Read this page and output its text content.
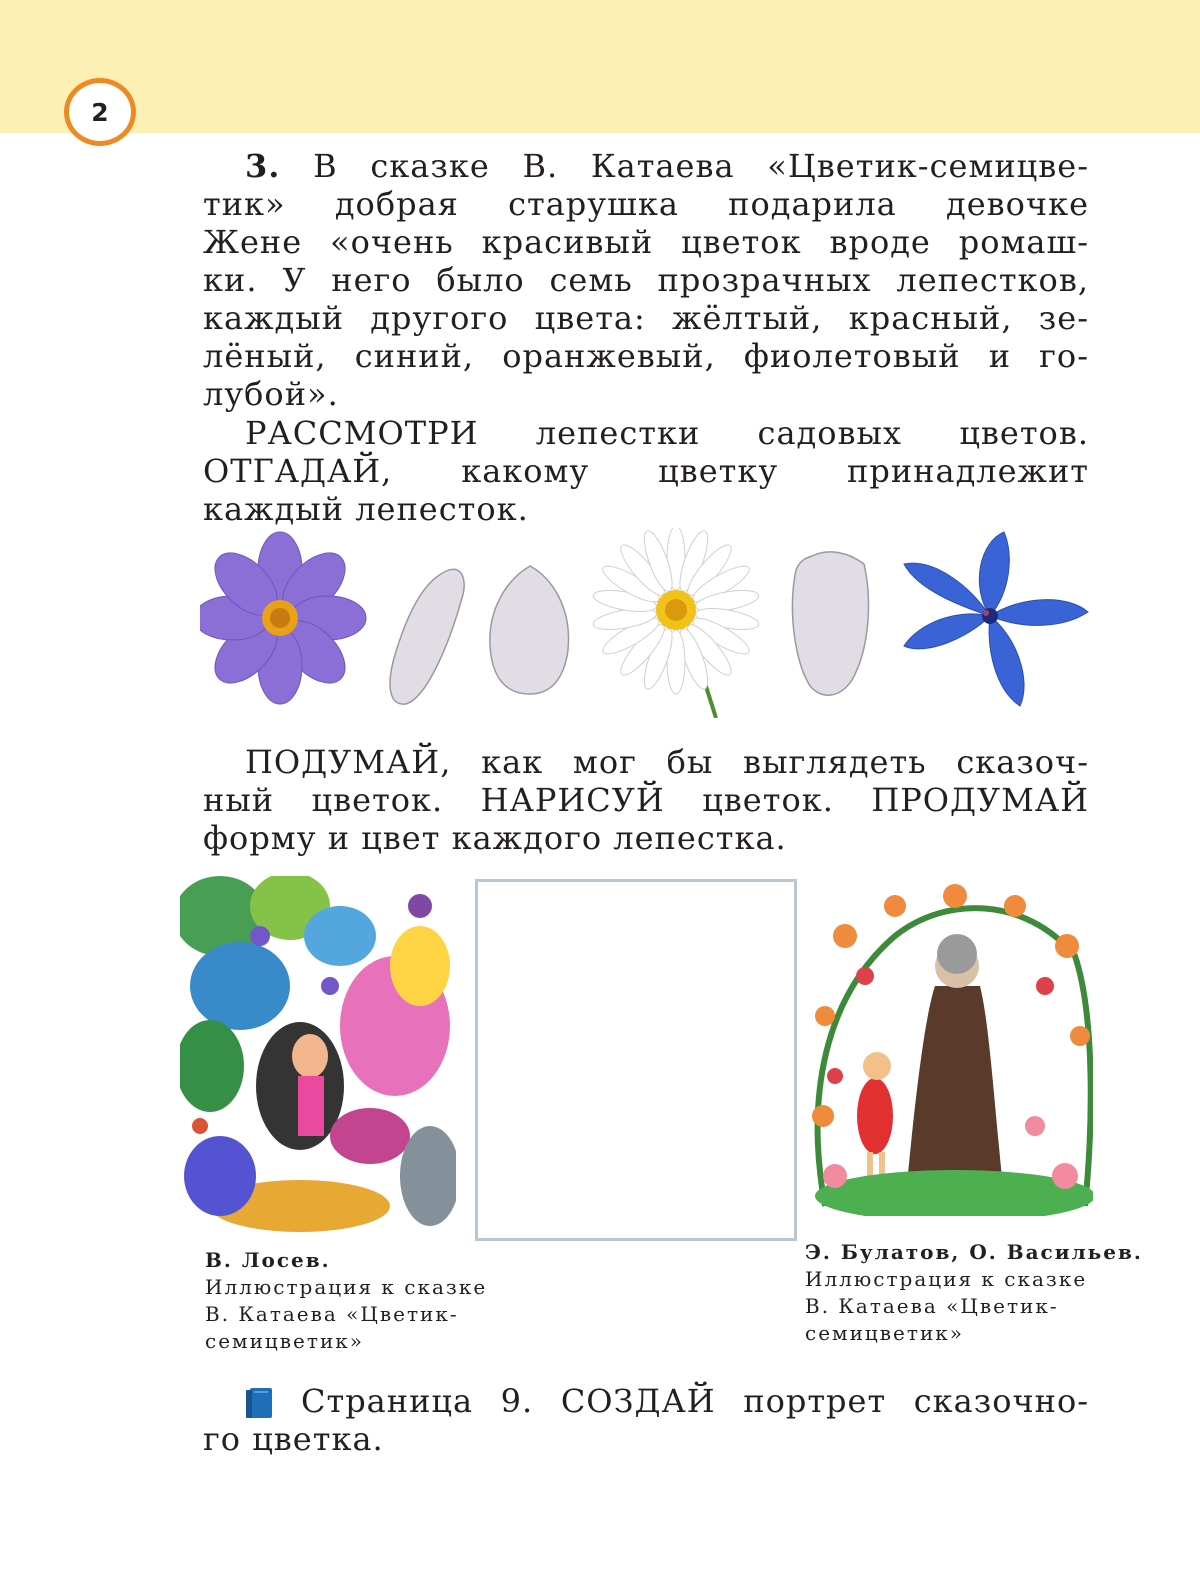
2
3. В сказке В. Катаева «Цветик-семицве-
тик» добрая старушка подарила девочке
Жене «очень красивый цветок вроде ромаш-
ки. У него было семь прозрачных лепестков,
каждый другого цвета: жёлтый, красный, зе-
лёный, синий, оранжевый, фиолетовый и го-
лубой».
РАССМОТРИ лепестки садовых цветов.
ОТГАДАЙ, какому цветку принадлежит
каждый лепесток.
ПОДУМАЙ, как мог бы выглядеть сказоч-
ный цветок. НАРИСУЙ цветок. ПРОДУМАЙ
форму и цвет каждого лепестка.
В. Лосев.
Иллюстрация к сказке
В. Катаева «Цветик-
семицветик»
Э. Булатов, О. Васильев.
Иллюстрация к сказке
В. Катаева «Цветик-
семицветик»
Страница 9. СОЗДАЙ портрет сказочно-
го цветка.
